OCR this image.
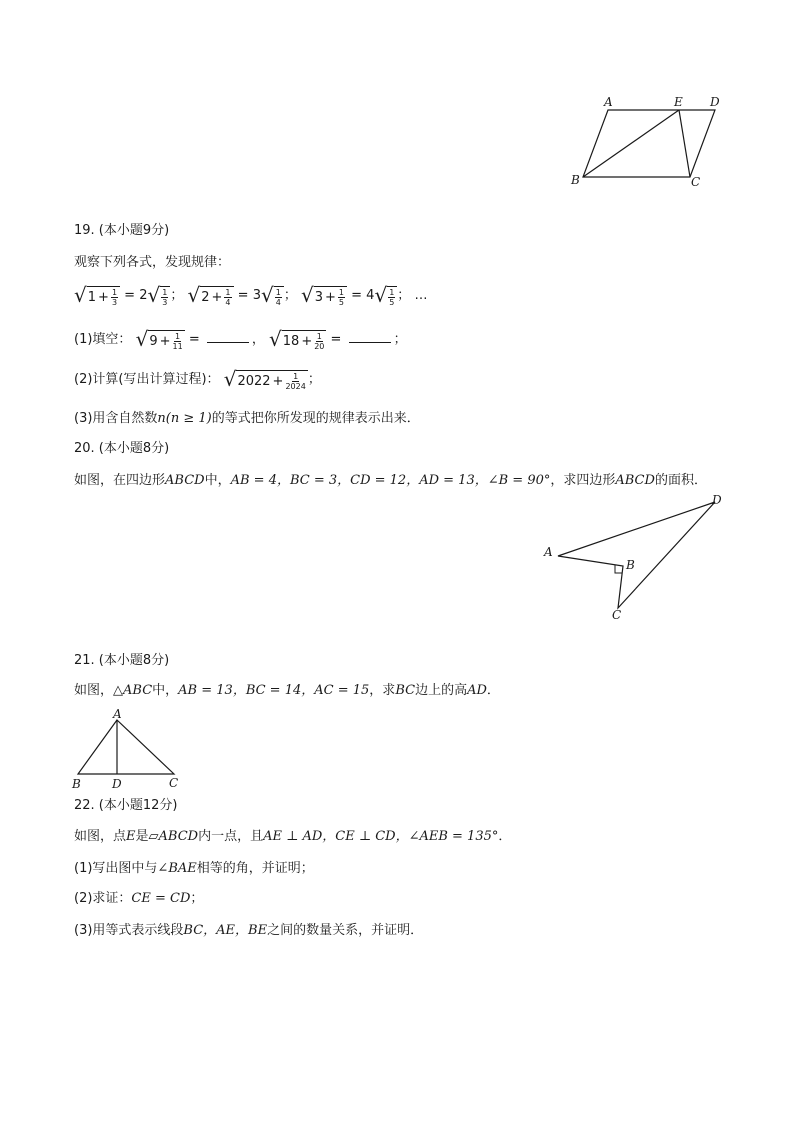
A	E D
B	C
19. (本小题9分)
观察下列各式，发现规律：
√ $1 + \frac{1}{3} = 2$ √ $\frac{1}{3}$ ； √ $2 + \frac{1}{4} = 3$ √ $\frac{1}{4}$ ； √ $3 + \frac{1}{5} = 4$ √ $\frac{1}{5}$ ； …
(1)填空： √ $9 + \frac{1}{11}$ =	， √ $18 + \frac{1}{20}$ =	；
(2)计算(写出计算过程)： √ $2022 + \frac{1}{2024}$ ；
(3)用含自然数n(n ≥ 1)的等式把你所发现的规律表示出来．
20. (本小题8分)
如图，在四边形ABCD中，AB = 4，BC = 3，CD = 12，AD = 13，∠B = 90°，求四边形ABCD的面积．
A
B
C
D
21. (本小题8分)
如图，△ABC中，AB = 13，BC = 14，AC = 15，求BC边上的高AD．
A
B	D	C
22. (本小题12分)
如图，点E是▱ABCD内一点，且AE ⊥ AD，CE ⊥ CD，∠AEB = 135°．
(1)写出图中与∠BAE相等的角，并证明；
(2)求证：CE = CD；
(3)用等式表示线段BC，AE，BE之间的数量关系，并证明．
